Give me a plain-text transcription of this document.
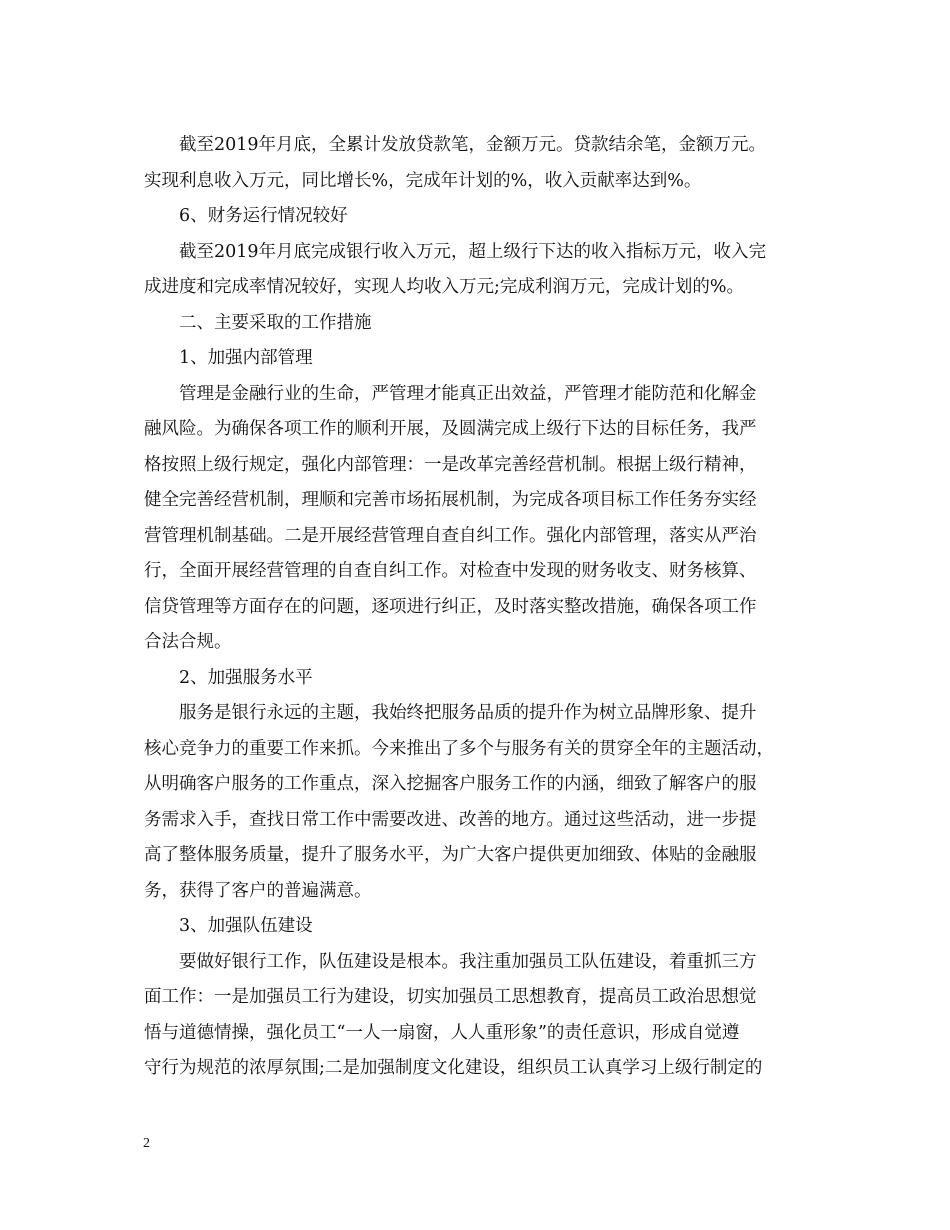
截至2019年月底，全累计发放贷款笔，金额万元。贷款结余笔，金额万元。
实现利息收入万元，同比增长%，完成年计划的%，收入贡献率达到%。
6、财务运行情况较好
截至2019年月底完成银行收入万元，超上级行下达的收入指标万元，收入完
成进度和完成率情况较好，实现人均收入万元;完成利润万元，完成计划的%。
二、主要采取的工作措施
1、加强内部管理
管理是金融行业的生命，严管理才能真正出效益，严管理才能防范和化解金
融风险。为确保各项工作的顺利开展，及圆满完成上级行下达的目标任务，我严
格按照上级行规定，强化内部管理：一是改革完善经营机制。根据上级行精神，
健全完善经营机制，理顺和完善市场拓展机制，为完成各项目标工作任务夯实经
营管理机制基础。二是开展经营管理自查自纠工作。强化内部管理，落实从严治
行，全面开展经营管理的自查自纠工作。对检查中发现的财务收支、财务核算、
信贷管理等方面存在的问题，逐项进行纠正，及时落实整改措施，确保各项工作
合法合规。
2、加强服务水平
服务是银行永远的主题，我始终把服务品质的提升作为树立品牌形象、提升
核心竞争力的重要工作来抓。今来推出了多个与服务有关的贯穿全年的主题活动，
从明确客户服务的工作重点，深入挖掘客户服务工作的内涵，细致了解客户的服
务需求入手，查找日常工作中需要改进、改善的地方。通过这些活动，进一步提
高了整体服务质量，提升了服务水平，为广大客户提供更加细致、体贴的金融服
务，获得了客户的普遍满意。
3、加强队伍建设
要做好银行工作，队伍建设是根本。我注重加强员工队伍建设，着重抓三方
面工作：一是加强员工行为建设，切实加强员工思想教育，提高员工政治思想觉
悟与道德情操，强化员工“一人一扇窗，人人重形象”的责任意识，形成自觉遵
守行为规范的浓厚氛围;二是加强制度文化建设，组织员工认真学习上级行制定的
2
